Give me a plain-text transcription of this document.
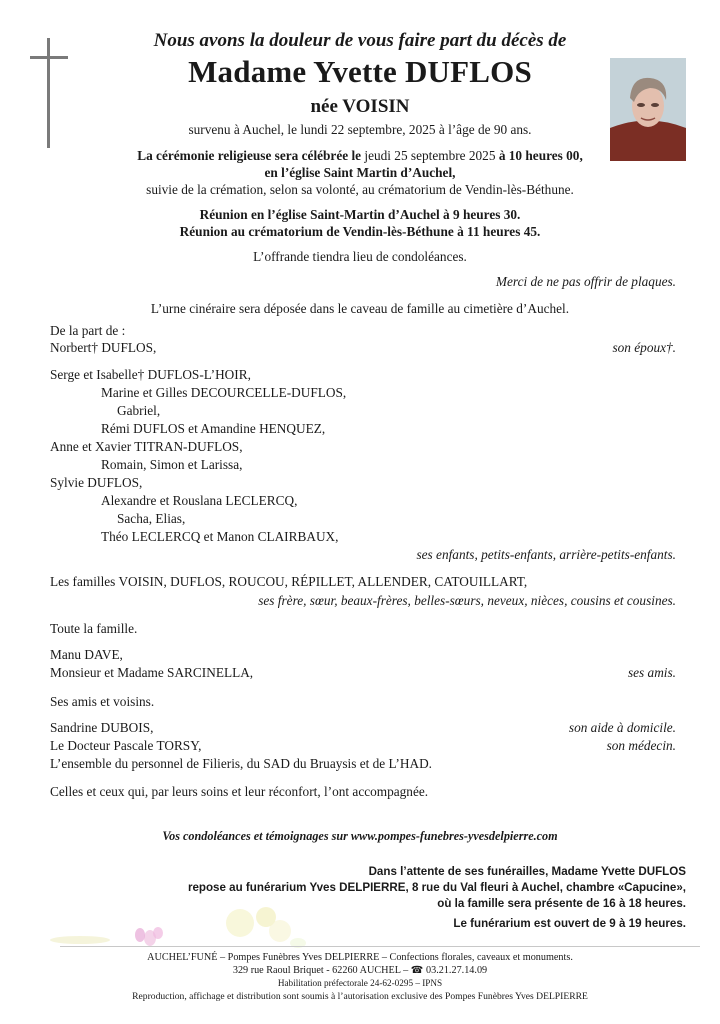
Nous avons la douleur de vous faire part du décès de
Madame Yvette DUFLOS
née VOISIN
survenu à Auchel, le lundi 22 septembre, 2025 à l’âge de 90 ans.
La cérémonie religieuse sera célébrée le jeudi 25 septembre 2025 à 10 heures 00,
en l’église Saint Martin d’Auchel,
suivie de la crémation, selon sa volonté, au crématorium de Vendin-lès-Béthune.
Réunion en l’église Saint-Martin d’Auchel à 9 heures 30.
Réunion au crématorium de Vendin-lès-Béthune à 11 heures 45.
L’offrande tiendra lieu de condoléances.
Merci de ne pas offrir de plaques.
L’urne cinéraire sera déposée dans le caveau de famille au cimetière d’Auchel.
De la part de :
Norbert† DUFLOS,	son époux†.
Serge et Isabelle† DUFLOS-L’HOIR,
Marine et Gilles DECOURCELLE-DUFLOS,
Gabriel,
Rémi DUFLOS et Amandine HENQUEZ,
Anne et Xavier TITRAN-DUFLOS,
Romain, Simon et Larissa,
Sylvie DUFLOS,
Alexandre et Rouslana LECLERCQ,
Sacha, Elias,
Théo LECLERCQ et Manon CLAIRBAUX,
ses enfants, petits-enfants, arrière-petits-enfants.
Les familles VOISIN, DUFLOS, ROUCOU, RÉPILLET, ALLENDER, CATOUILLART,
ses frère, sœur, beaux-frères, belles-sœurs, neveux, nièces, cousins et cousines.
Toute la famille.
Manu DAVE,
Monsieur et Madame SARCINELLA,	ses amis.
Ses amis et voisins.
Sandrine DUBOIS,	son aide à domicile.
Le Docteur Pascale TORSY,	son médecin.
L’ensemble du personnel de Filieris, du SAD du Bruaysis et de L’HAD.
Celles et ceux qui, par leurs soins et leur réconfort, l’ont accompagnée.
Vos condoléances et témoignages sur www.pompes-funebres-yvesdelpierre.com
Dans l’attente de ses funérailles, Madame Yvette DUFLOS
repose au funérarium Yves DELPIERRE, 8 rue du Val fleuri à Auchel, chambre «Capucine»,
où la famille sera présente de 16 à 18 heures.
Le funérarium est ouvert de 9 à 19 heures.
AUCHEL’FUNÉ – Pompes Funèbres Yves DELPIERRE – Confections florales, caveaux et monuments.
329 rue Raoul Briquet - 62260 AUCHEL – ☎ 03.21.27.14.09
Habilitation préfectorale 24-62-0295 – IPNS
Reproduction, affichage et distribution sont soumis à l’autorisation exclusive des Pompes Funèbres Yves DELPIERRE
